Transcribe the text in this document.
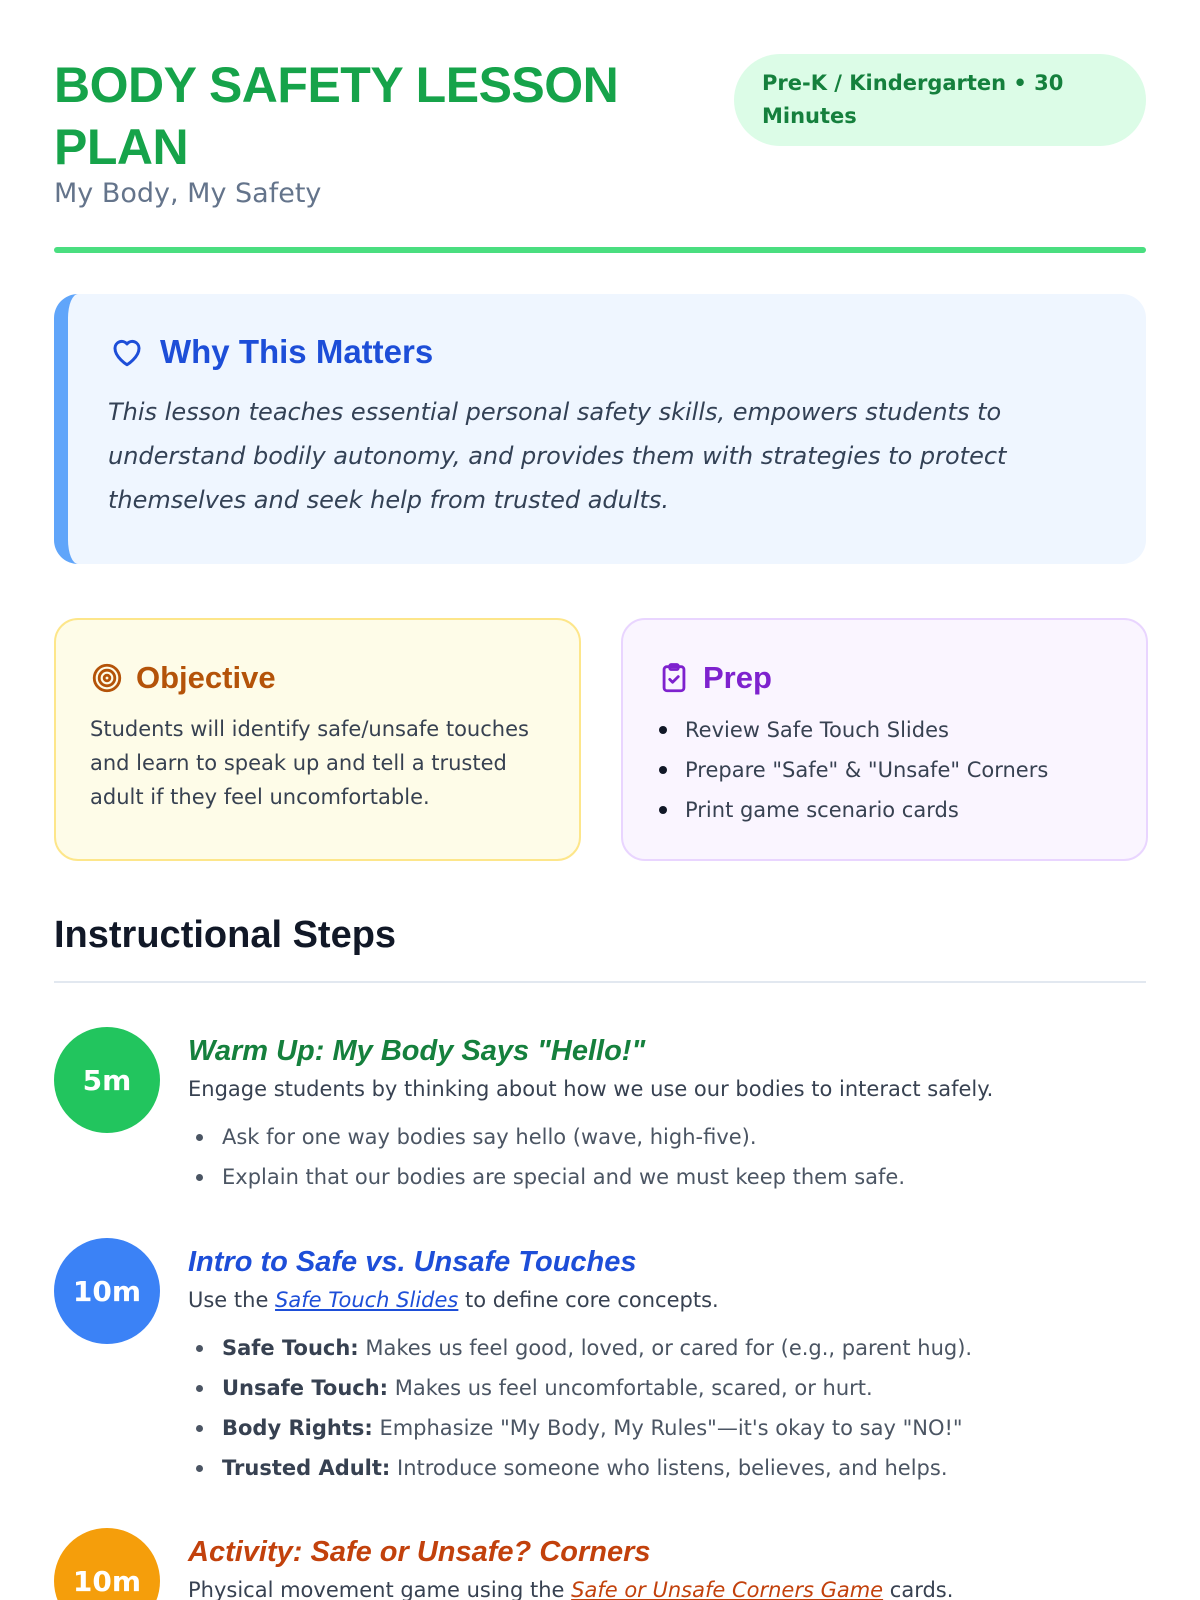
BODY SAFETY LESSON PLAN
My Body, My Safety
Pre-K / Kindergarten • 30 Minutes
Why This Matters

This lesson teaches essential personal safety skills, empowers students to understand bodily autonomy, and provides them with strategies to protect themselves and seek help from trusted adults.

Objective

Students will identify safe/unsafe touches and learn to speak up and tell a trusted adult if they feel uncomfortable.

Prep
Review Safe Touch Slides
Prepare "Safe" & "Unsafe" Corners
Print game scenario cards
Instructional Steps
5m
Warm Up: My Body Says "Hello!"

Engage students by thinking about how we use our bodies to interact safely.

Ask for one way bodies say hello (wave, high-five).
Explain that our bodies are special and we must keep them safe.
10m
Intro to Safe vs. Unsafe Touches

Use the Safe Touch Slides to define core concepts.

Safe Touch: Makes us feel good, loved, or cared for (e.g., parent hug).
Unsafe Touch: Makes us feel uncomfortable, scared, or hurt.
Body Rights: Emphasize "My Body, My Rules"—it's okay to say "NO!"
Trusted Adult: Introduce someone who listens, believes, and helps.
10m
Activity: Safe or Unsafe? Corners

Physical movement game using the Safe or Unsafe Corners Game cards.
